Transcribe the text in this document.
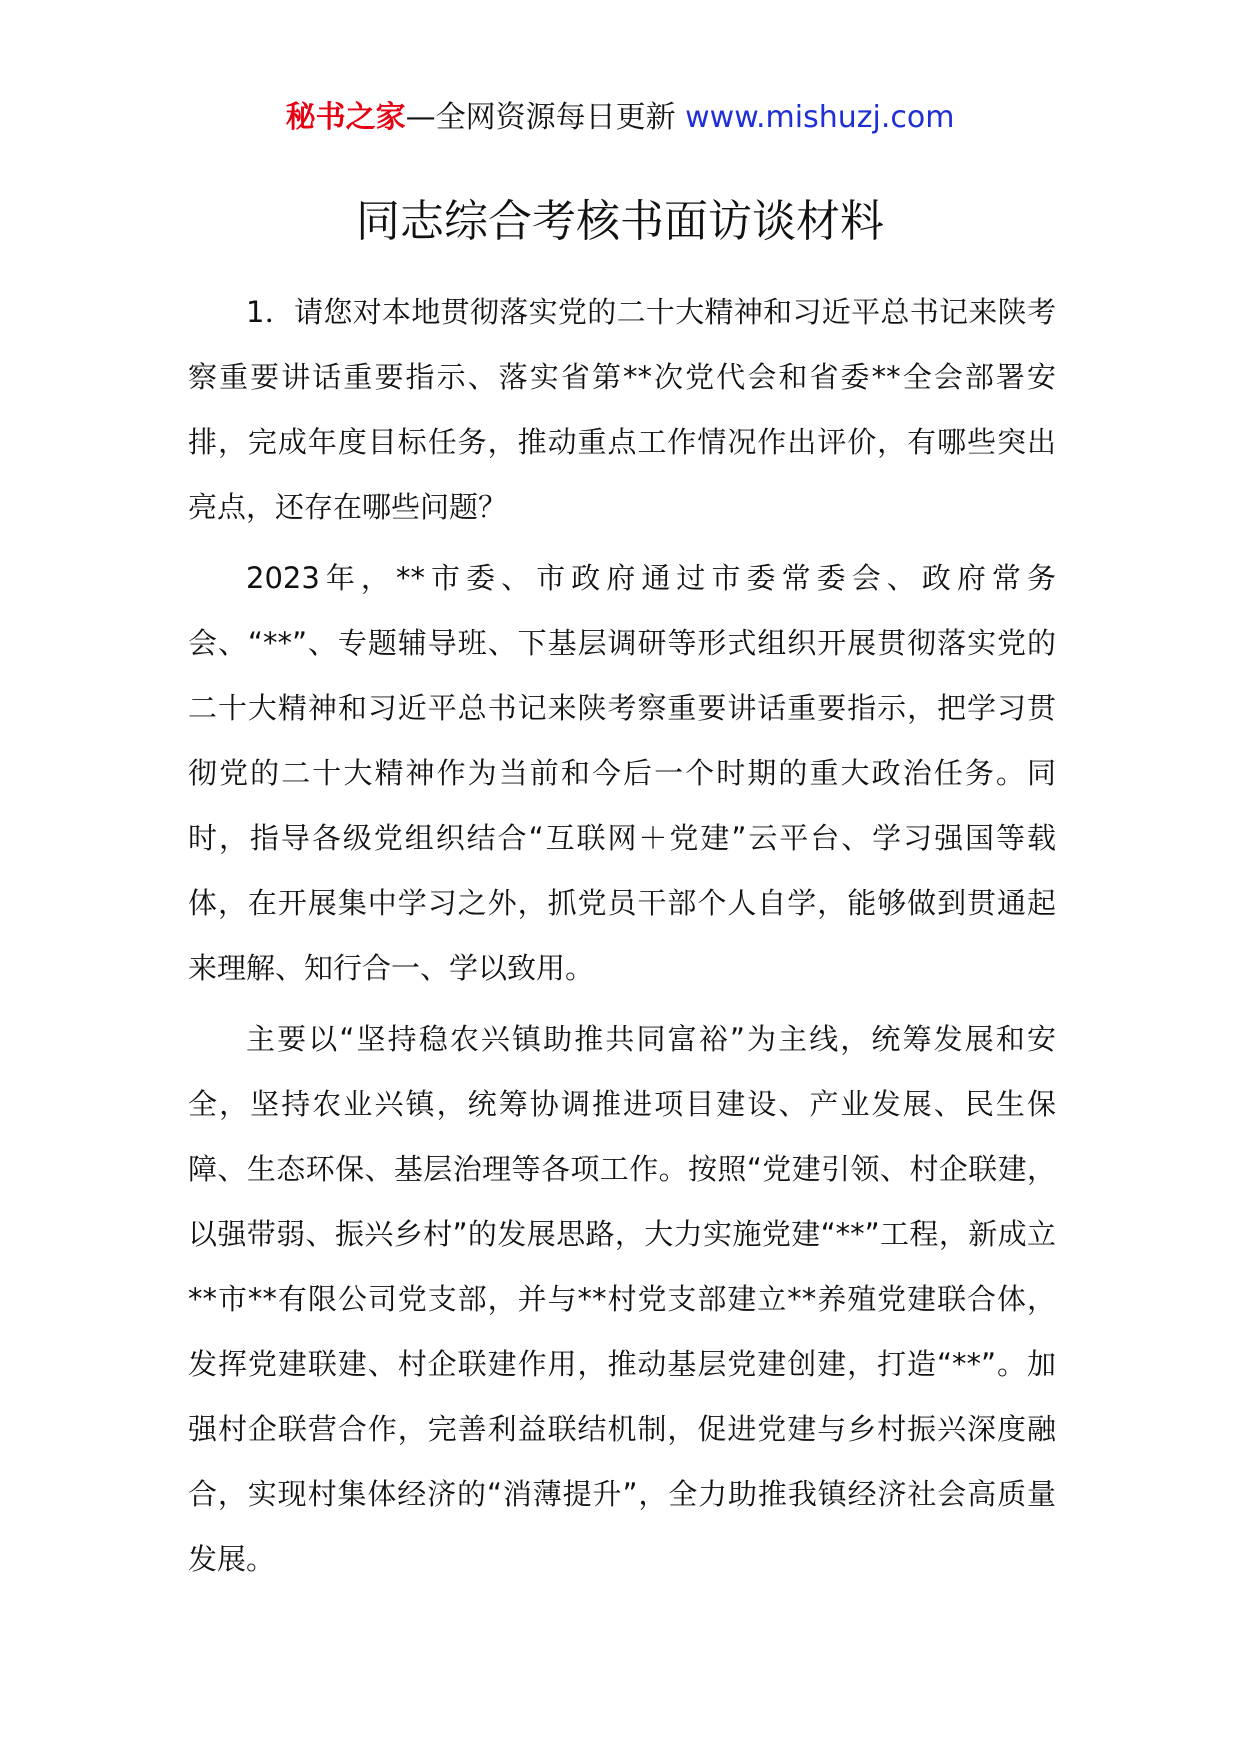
秘书之家—全网资源每日更新 www.mishuzj.com
同志综合考核书面访谈材料

1．请您对本地贯彻落实党的二十大精神和习近平总书记来陕考察重要讲话重要指示、落实省第**次党代会和省委**全会部署安排，完成年度目标任务，推动重点工作情况作出评价，有哪些突出亮点，还存在哪些问题？

2023年，**市委、市政府通过市委常委会、政府常务会、“**”、专题辅导班、下基层调研等形式组织开展贯彻落实党的二十大精神和习近平总书记来陕考察重要讲话重要指示，把学习贯彻党的二十大精神作为当前和今后一个时期的重大政治任务。同时，指导各级党组织结合“互联网＋党建”云平台、学习强国等载体，在开展集中学习之外，抓党员干部个人自学，能够做到贯通起来理解、知行合一、学以致用。

主要以“坚持稳农兴镇助推共同富裕”为主线，统筹发展和安全，坚持农业兴镇，统筹协调推进项目建设、产业发展、民生保障、生态环保、基层治理等各项工作。按照“党建引领、村企联建，以强带弱、振兴乡村”的发展思路，大力实施党建“**”工程，新成立**市**有限公司党支部，并与**村党支部建立**养殖党建联合体，发挥党建联建、村企联建作用，推动基层党建创建，打造“**”。加强村企联营合作，完善利益联结机制，促进党建与乡村振兴深度融合，实现村集体经济的“消薄提升”，全力助推我镇经济社会高质量发展。
